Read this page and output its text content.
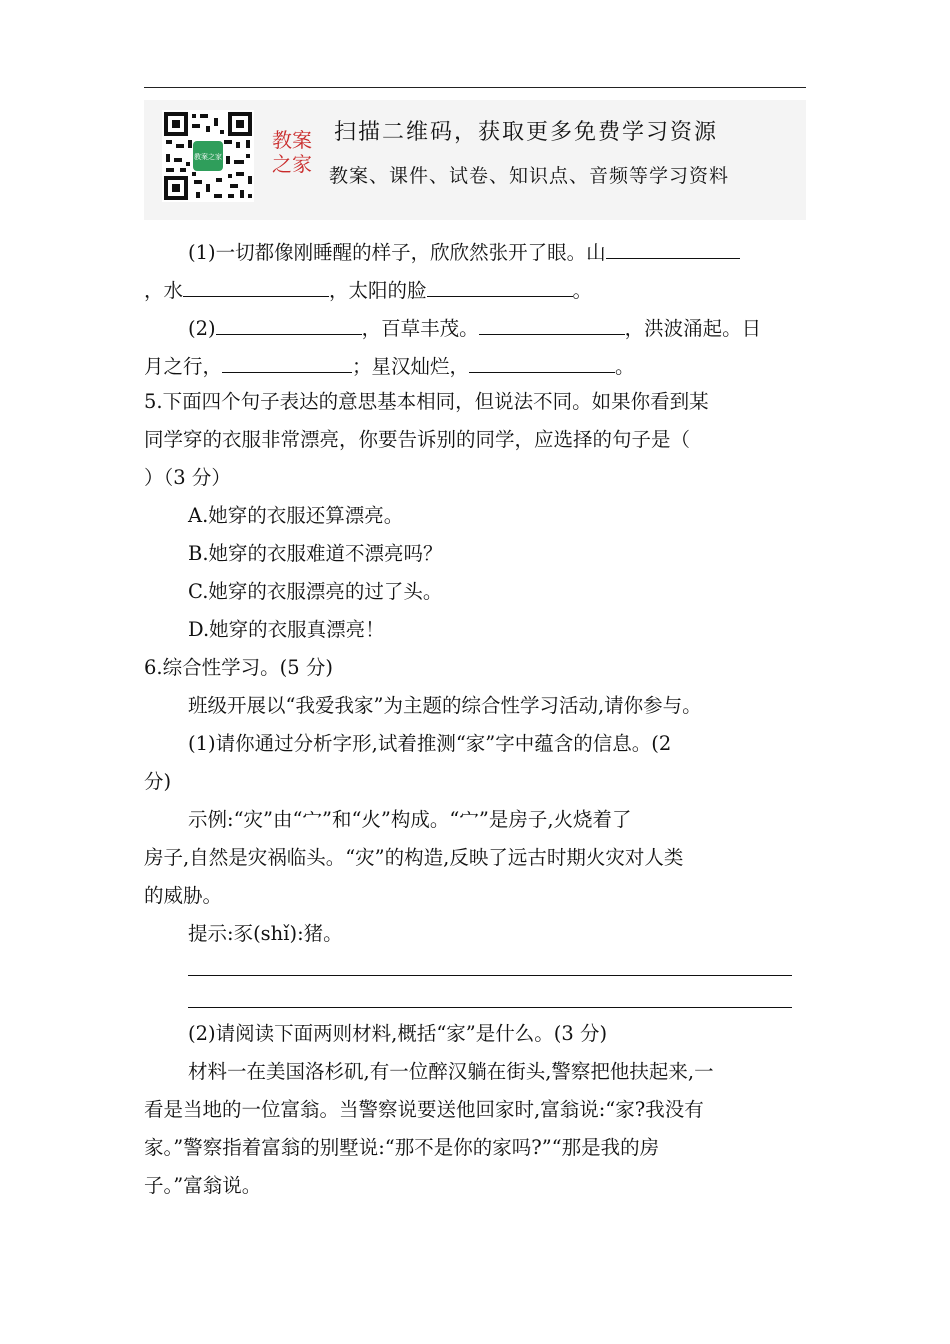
教案之家
教案
之家
扫描二维码，获取更多免费学习资源
教案、课件、试卷、知识点、音频等学习资料
(1)一切都像刚睡醒的样子，欣欣然张开了眼。山
，水	，太阳的脸	。
(2)	，百草丰茂。	，洪波涌起。日
月之行，	；星汉灿烂，	。
5.下面四个句子表达的意思基本相同，但说法不同。如果你看到某
同学穿的衣服非常漂亮，你要告诉别的同学，应选择的句子是（
）（3 分）
A.她穿的衣服还算漂亮。
B.她穿的衣服难道不漂亮吗？
C.她穿的衣服漂亮的过了头。
D.她穿的衣服真漂亮！
6.综合性学习。(5 分)
班级开展以“我爱我家”为主题的综合性学习活动,请你参与。
(1)请你通过分析字形,试着推测“家”字中蕴含的信息。(2
分)
示例:“灾”由“宀”和“火”构成。“宀”是房子,火烧着了
房子,自然是灾祸临头。“灾”的构造,反映了远古时期火灾对人类
的威胁。
提示:豕(shǐ):猪。
(2)请阅读下面两则材料,概括“家”是什么。(3 分)
材料一在美国洛杉矶,有一位醉汉躺在街头,警察把他扶起来,一
看是当地的一位富翁。当警察说要送他回家时,富翁说:“家?我没有
家。”警察指着富翁的别墅说:“那不是你的家吗?”“那是我的房
子。”富翁说。
